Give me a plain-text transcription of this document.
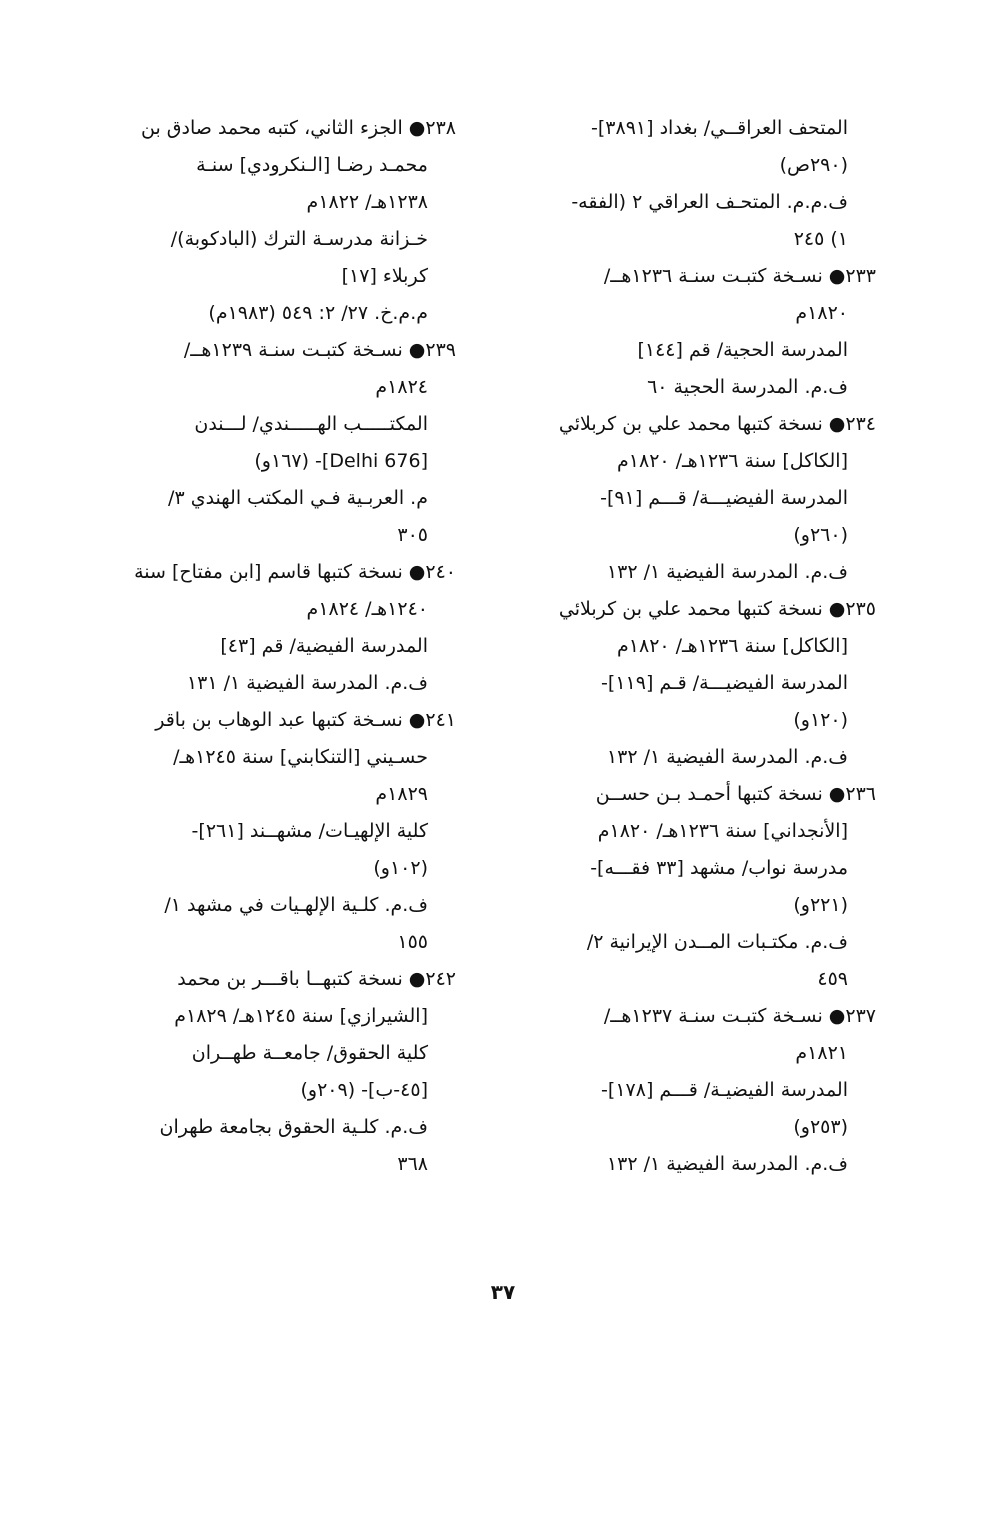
المتحف العراقــي/ بغداد [٣٨٩١]-
(٢٩٠ص)
ف.م.م. المتحـف العراقي ٢ (الفقه-
١) ٢٤٥
٢٣٣● نسـخة كتبـت سنـة ١٢٣٦هــ/
١٨٢٠م
المدرسة الحجية/ قم [١٤٤]
ف.م. المدرسة الحجية ٦٠
٢٣٤● نسخة كتبها محمد علي بن كربلائي
[الكاكل] سنة ١٢٣٦هـ/ ١٨٢٠م
المدرسة الفيضيـــة/ قـــم [٩١]-
(٢٦٠و)
ف.م. المدرسة الفيضية ١/ ١٣٢
٢٣٥● نسخة كتبها محمد علي بن كربلائي
[الكاكل] سنة ١٢٣٦هـ/ ١٨٢٠م
المدرسة الفيضيـــة/ قـم [١١٩]-
(١٢٠و)
ف.م. المدرسة الفيضية ١/ ١٣٢
٢٣٦● نسخة كتبها أحمـد بـن حســن
[الأنجداني] سنة ١٢٣٦هـ/ ١٨٢٠م
مدرسة نواب/ مشهد [٣٣ فقـــه]-
(٢٢١و)
ف.م. مكتـبات المــدن الإيرانية ٢/
٤٥٩
٢٣٧● نسـخة كتبـت سنـة ١٢٣٧هــ/
١٨٢١م
المدرسة الفيضيـة/ قـــم [١٧٨]-
(٢٥٣و)
ف.م. المدرسة الفيضية ١/ ١٣٢
٢٣٨● الجزء الثاني، كتبه محمد صادق بن
محمـد رضـا [الـنكرودي] سنـة
١٢٣٨هـ/ ١٨٢٢م
خـزانة مدرسـة الترك (البادكوبة)/
كربلاء [١٧]
م.م.خ. ٢٧/ ٢: ٥٤٩ (١٩٨٣م)
٢٣٩● نسـخة كتبـت سنـة ١٢٣٩هــ/
١٨٢٤م
المكتـــــب الهـــــندي/ لـــندن
[Delhi 676]- (١٦٧و)
م. العربـية فـي المكتب الهندي ٣/
٣٠٥
٢٤٠● نسخة كتبها قاسم [ابن مفتاح] سنة
١٢٤٠هـ/ ١٨٢٤م
المدرسة الفيضية/ قم [٤٣]
ف.م. المدرسة الفيضية ١/ ١٣١
٢٤١● نسـخة كتبها عبد الوهاب بن باقر
حسـيني [التنكابني] سنة ١٢٤٥هـ/
١٨٢٩م
كلية الإلهيـات/ مشهــند [٢٦١]-
(١٠٢و)
ف.م. كلـية الإلهـيات في مشهد ١/
١٥٥
٢٤٢● نسخة كتبهــا باقـــر بن محمد
[الشيرازي] سنة ١٢٤٥هـ/ ١٨٢٩م
كلية الحقوق/ جامعــة طهــران
[٤٥-ب]- (٢٠٩و)
ف.م. كلـية الحقوق بجامعة طهران
٣٦٨
٣٧
